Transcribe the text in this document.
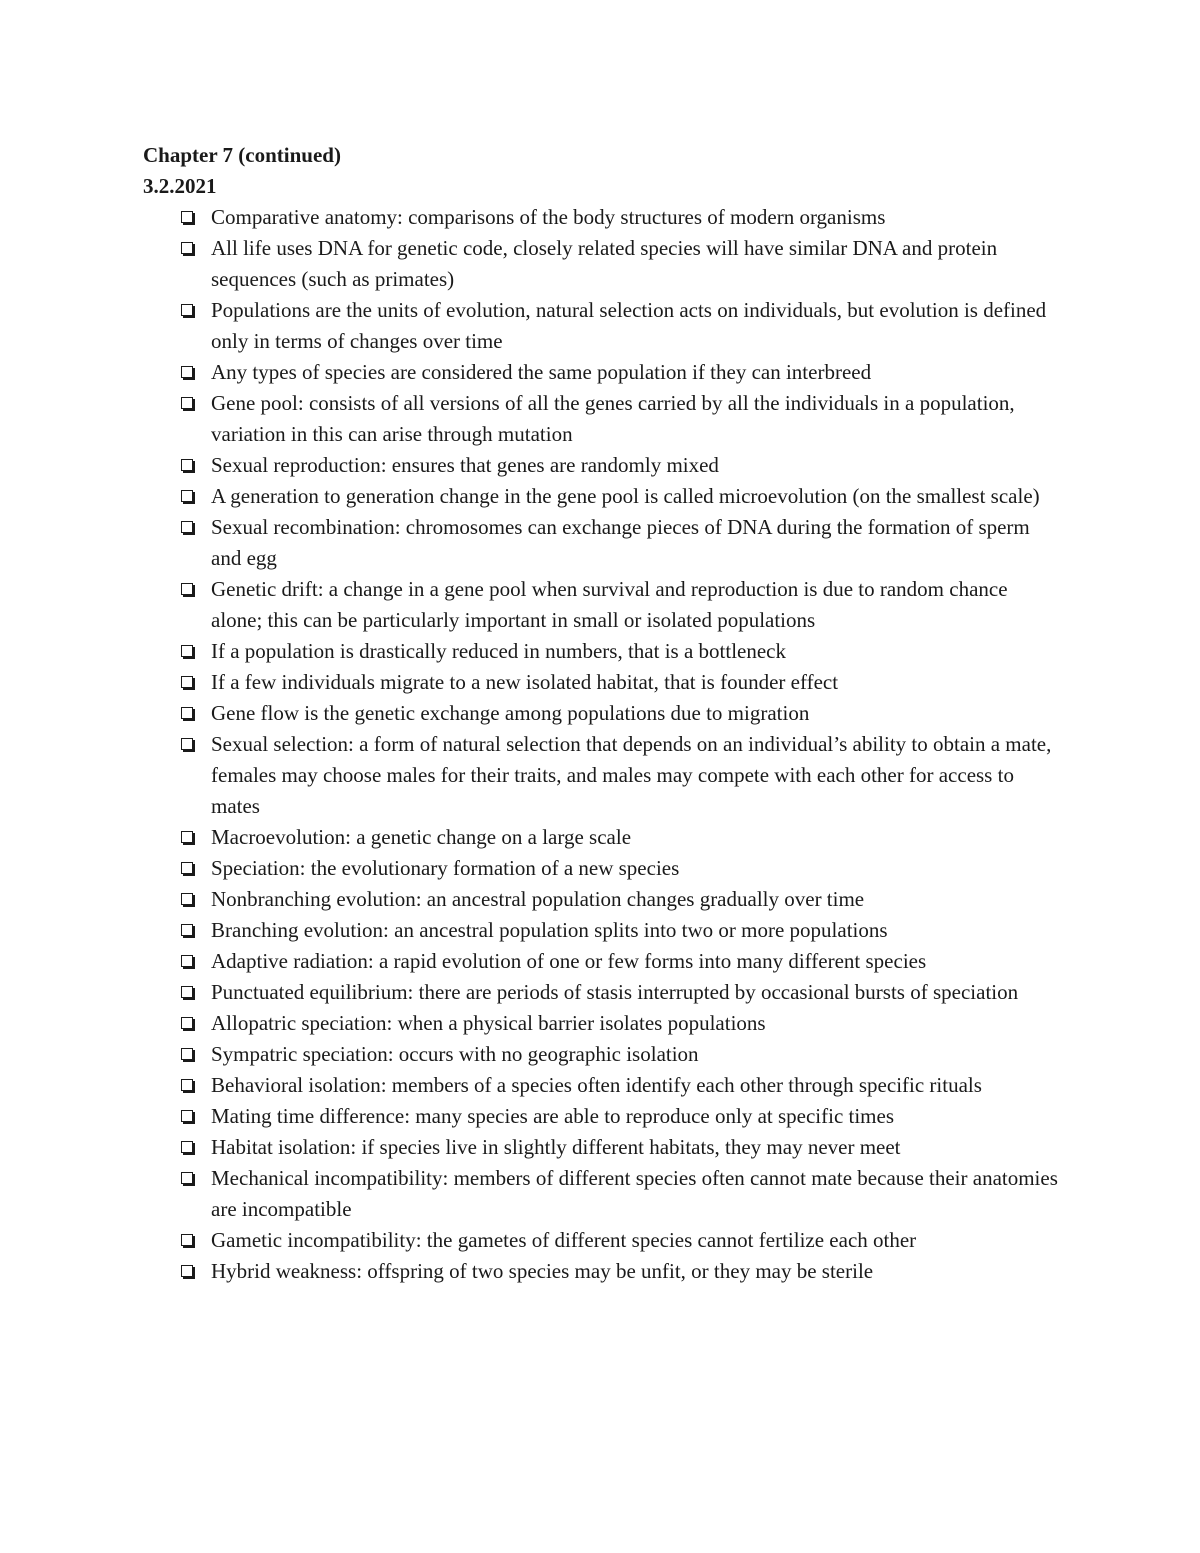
Chapter 7 (continued)
3.2.2021
Comparative anatomy: comparisons of the body structures of modern organisms
All life uses DNA for genetic code, closely related species will have similar DNA and protein sequences (such as primates)
Populations are the units of evolution, natural selection acts on individuals, but evolution is defined only in terms of changes over time
Any types of species are considered the same population if they can interbreed
Gene pool: consists of all versions of all the genes carried by all the individuals in a population, variation in this can arise through mutation
Sexual reproduction: ensures that genes are randomly mixed
A generation to generation change in the gene pool is called microevolution (on the smallest scale)
Sexual recombination: chromosomes can exchange pieces of DNA during the formation of sperm and egg
Genetic drift: a change in a gene pool when survival and reproduction is due to random chance alone; this can be particularly important in small or isolated populations
If a population is drastically reduced in numbers, that is a bottleneck
If a few individuals migrate to a new isolated habitat, that is founder effect
Gene flow is the genetic exchange among populations due to migration
Sexual selection: a form of natural selection that depends on an individual’s ability to obtain a mate, females may choose males for their traits, and males may compete with each other for access to mates
Macroevolution: a genetic change on a large scale
Speciation: the evolutionary formation of a new species
Nonbranching evolution: an ancestral population changes gradually over time
Branching evolution: an ancestral population splits into two or more populations
Adaptive radiation: a rapid evolution of one or few forms into many different species
Punctuated equilibrium: there are periods of stasis interrupted by occasional bursts of speciation
Allopatric speciation: when a physical barrier isolates populations
Sympatric speciation: occurs with no geographic isolation
Behavioral isolation: members of a species often identify each other through specific rituals
Mating time difference: many species are able to reproduce only at specific times
Habitat isolation: if species live in slightly different habitats, they may never meet
Mechanical incompatibility: members of different species often cannot mate because their anatomies are incompatible
Gametic incompatibility: the gametes of different species cannot fertilize each other
Hybrid weakness: offspring of two species may be unfit, or they may be sterile
